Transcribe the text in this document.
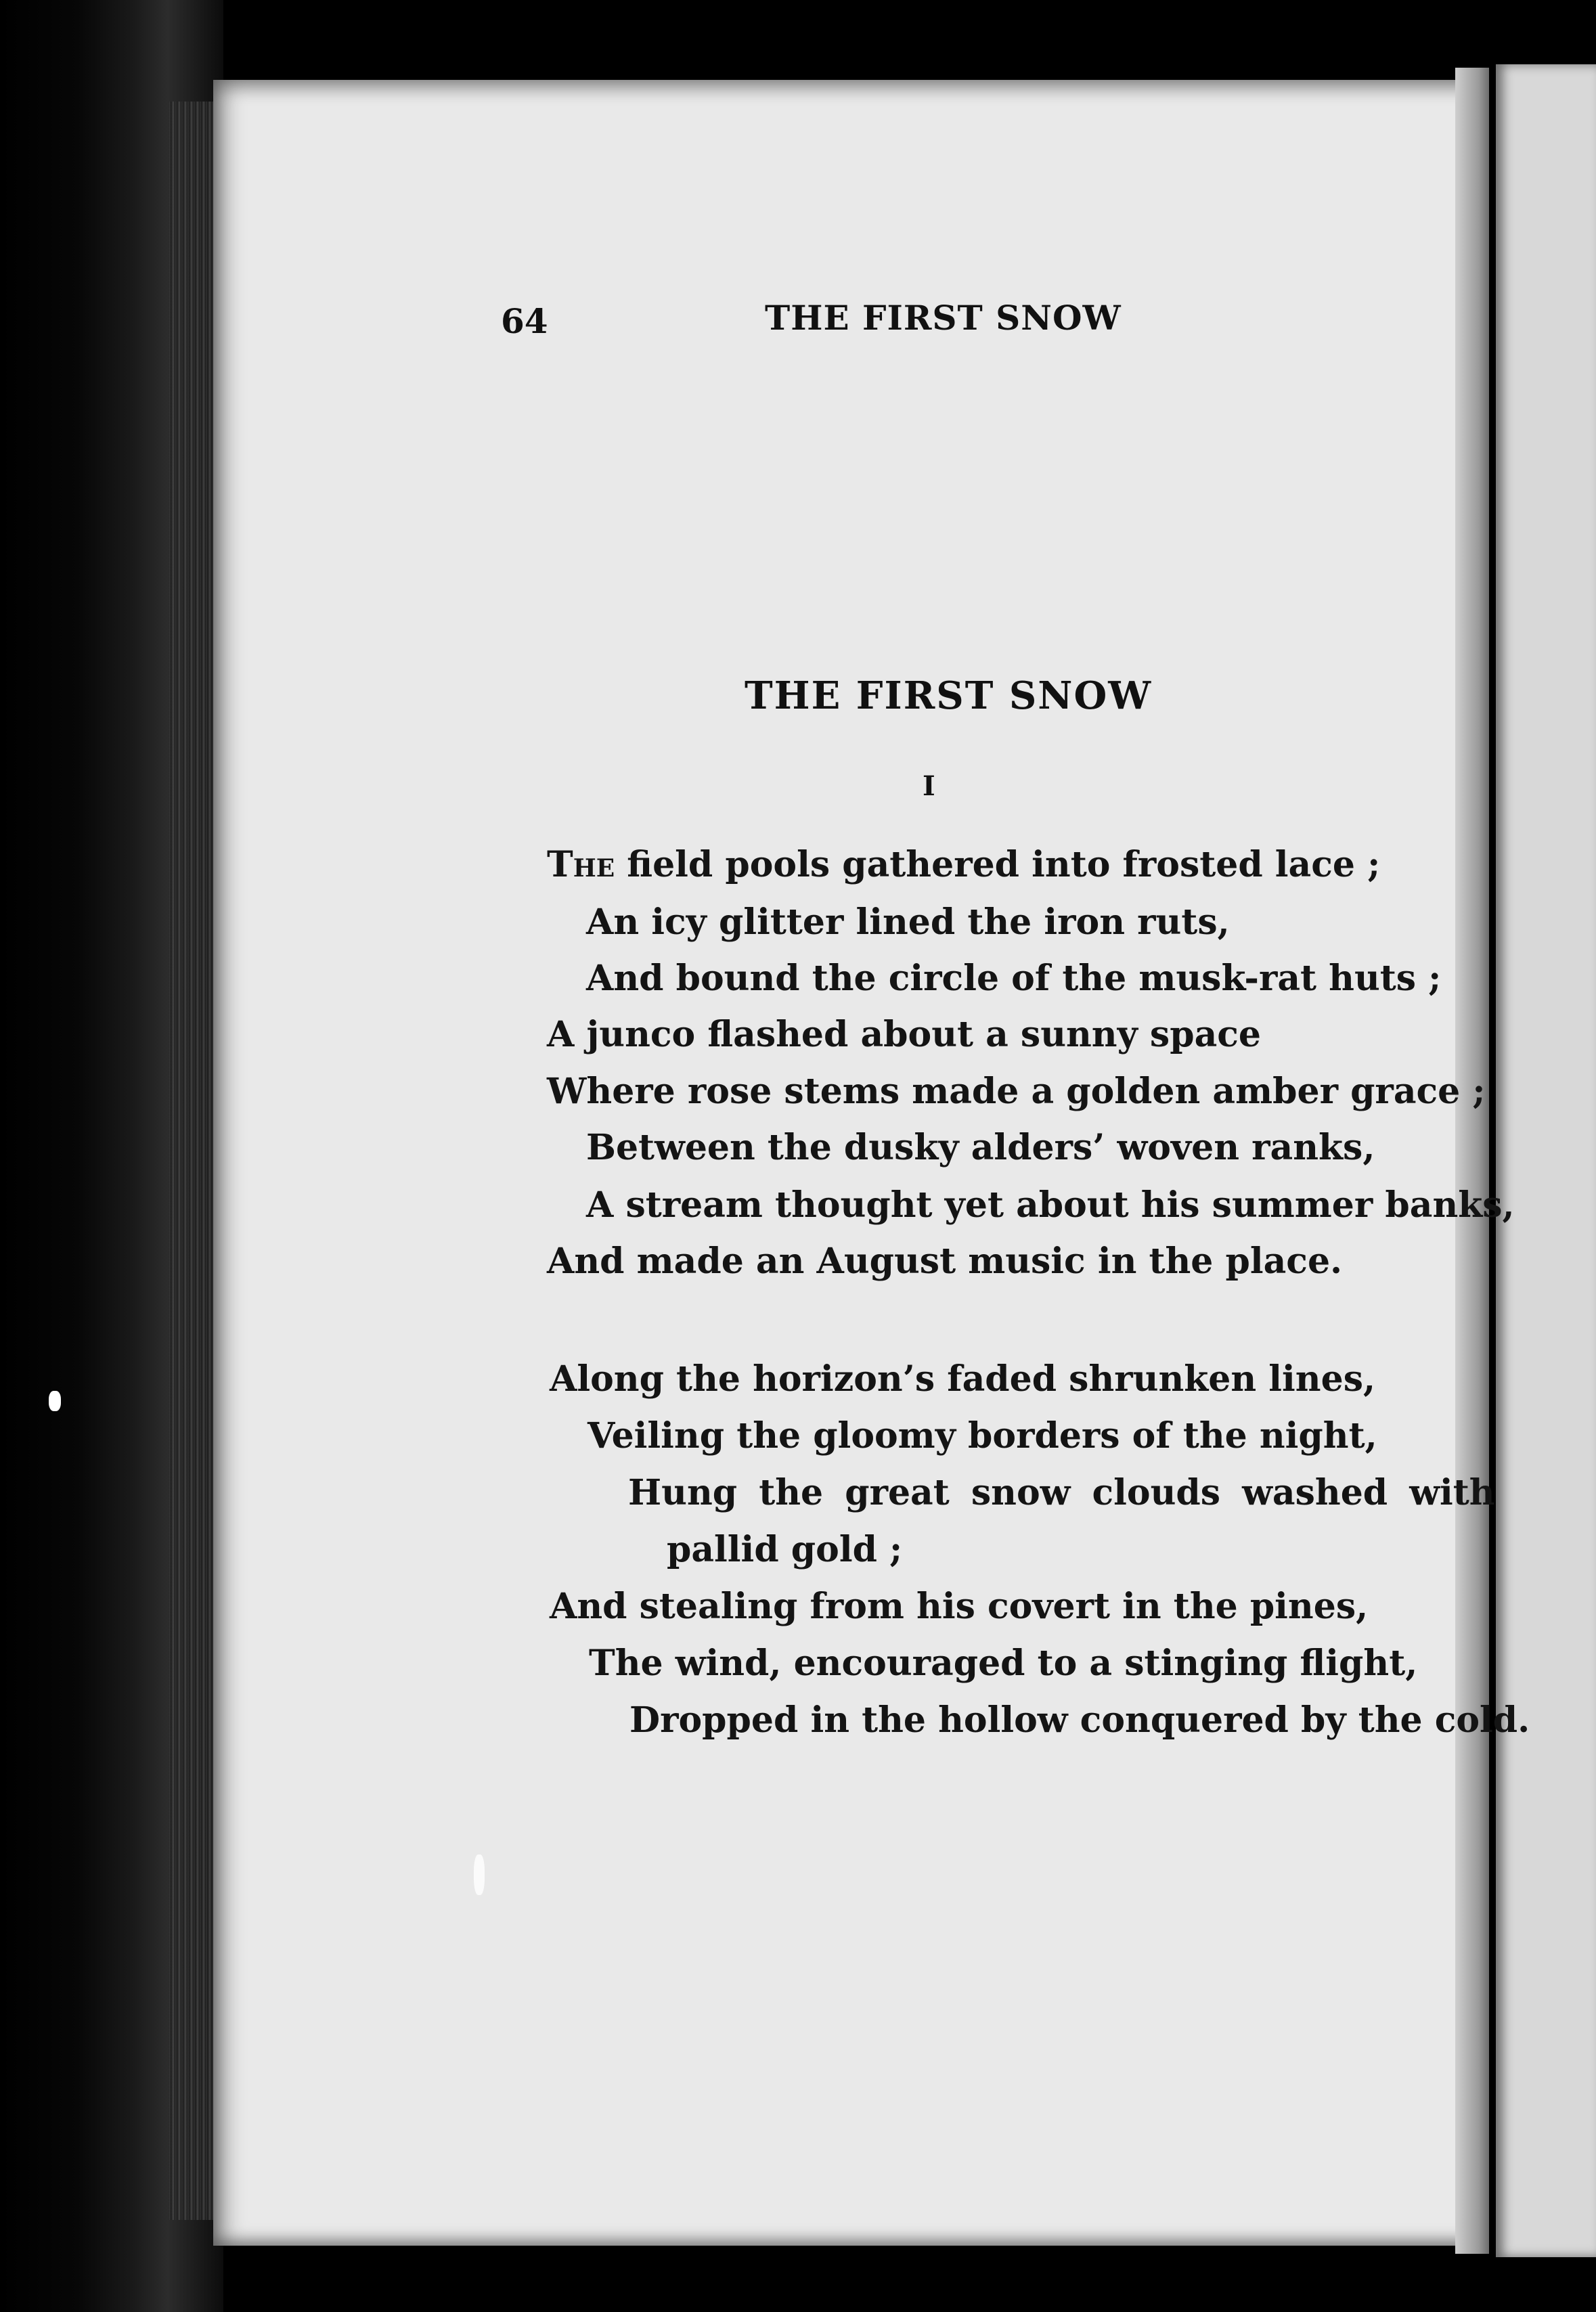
64	THE FIRST SNOW
THE FIRST SNOW
I
The field pools gathered into frosted lace ;
An icy glitter lined the iron ruts,
And bound the circle of the musk-rat huts ;
A junco flashed about a sunny space
Where rose stems made a golden amber grace ;
Between the dusky alders’ woven ranks,
A stream thought yet about his summer banks,
And made an August music in the place.
Along the horizon’s faded shrunken lines,
Veiling the gloomy borders of the night,
Hung the great snow clouds washed with
pallid gold ;
And stealing from his covert in the pines,
The wind, encouraged to a stinging flight,
Dropped in the hollow conquered by the cold.
